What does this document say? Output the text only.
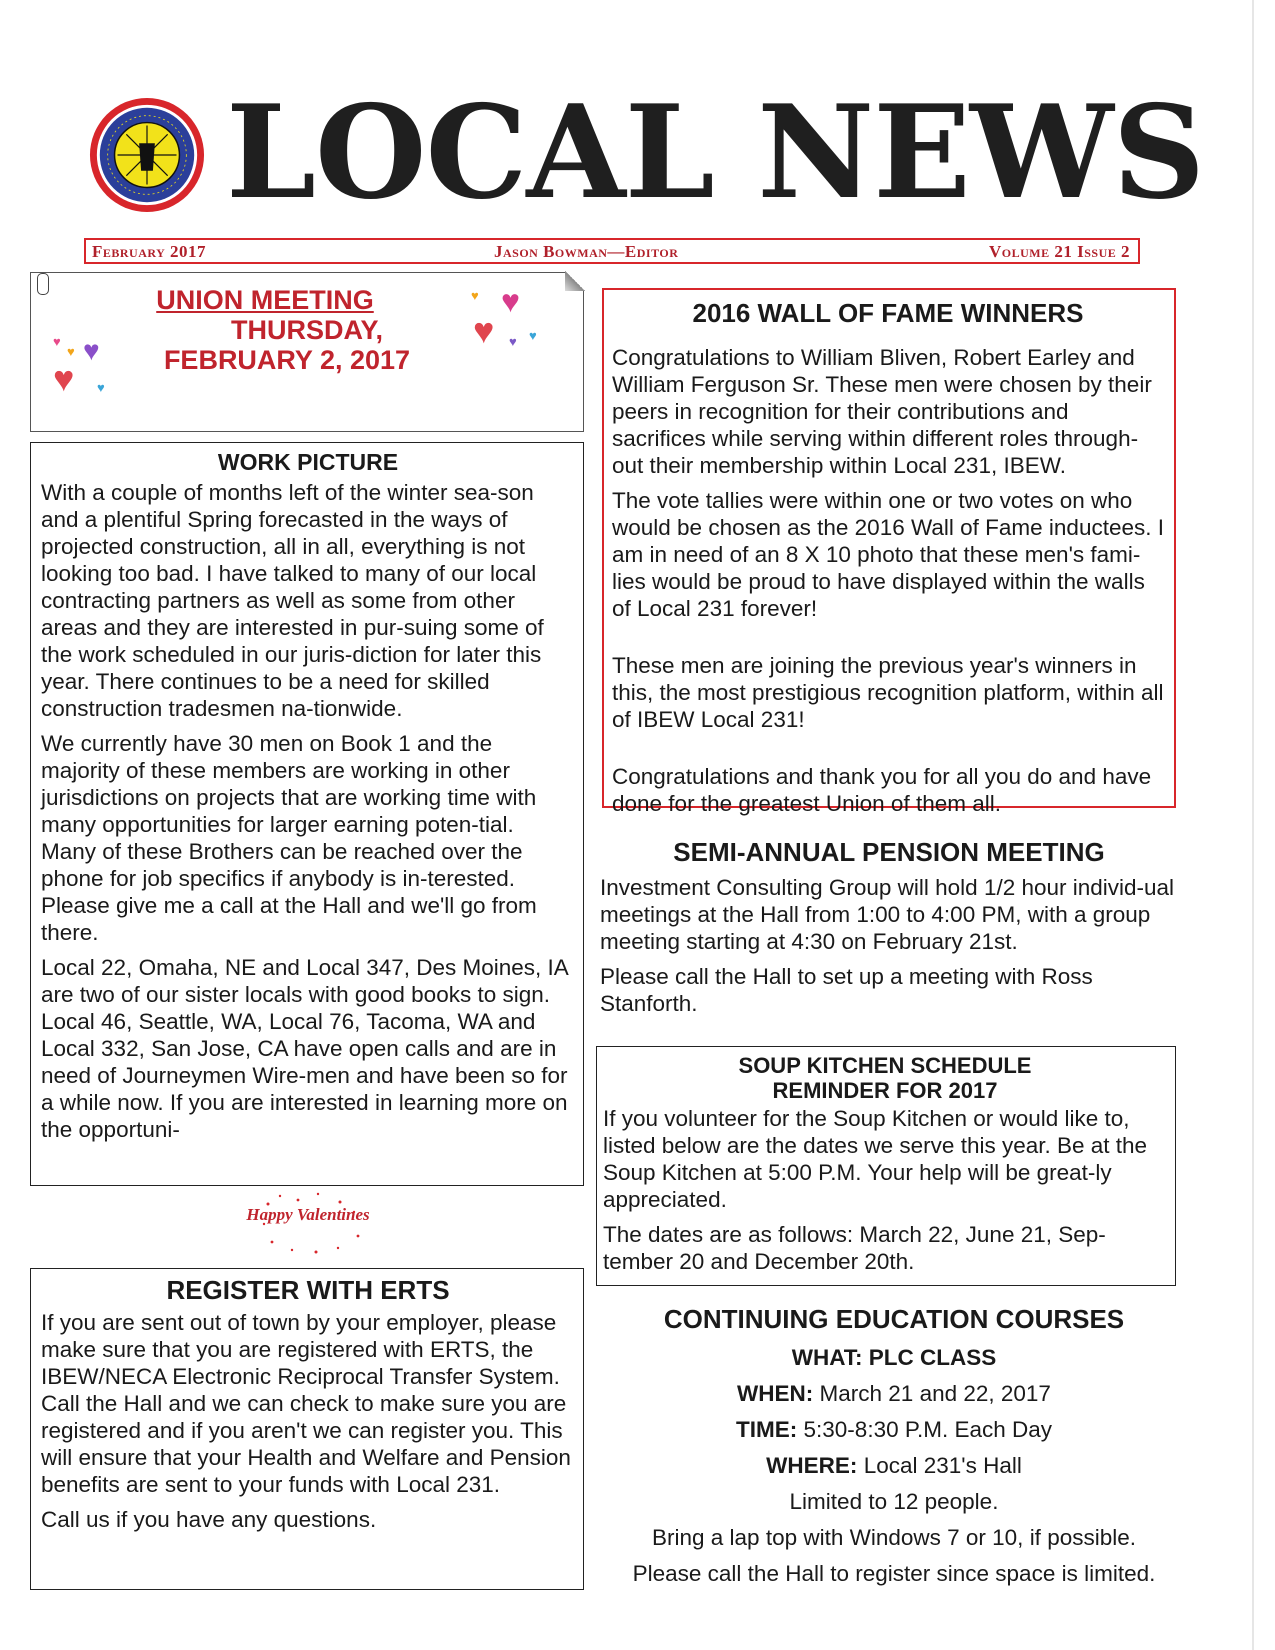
LOCAL NEWS
February 2017	Jason Bowman—Editor	Volume 21 Issue 2
UNION MEETING
THURSDAY,
FEBRUARY 2, 2017
♥
♥
♥
♥
♥
♥
♥
♥
♥ ♥
WORK PICTURE

With a couple of months left of the winter sea-son and a plentiful Spring forecasted in the ways of projected construction, all in all, everything is not looking too bad. I have talked to many of our local contracting partners as well as some from other areas and they are interested in pur-suing some of the work scheduled in our juris-diction for later this year. There continues to be a need for skilled construction tradesmen na-tionwide.

We currently have 30 men on Book 1 and the majority of these members are working in other jurisdictions on projects that are working time with many opportunities for larger earning poten-tial. Many of these Brothers can be reached over the phone for job specifics if anybody is in-terested. Please give me a call at the Hall and we'll go from there.

Local 22, Omaha, NE and Local 347, Des Moines, IA are two of our sister locals with good books to sign. Local 46, Seattle, WA, Local 76, Tacoma, WA and Local 332, San Jose, CA have open calls and are in need of Journeymen Wire-men and have been so for a while now. If you are interested in learning more on the opportuni-

Happy Valentines
REGISTER WITH ERTS

If you are sent out of town by your employer, please make sure that you are registered with ERTS, the IBEW/NECA Electronic Reciprocal Transfer System. Call the Hall and we can check to make sure you are registered and if you aren't we can register you. This will ensure that your Health and Welfare and Pension benefits are sent to your funds with Local 231.

Call us if you have any questions.

2016 WALL OF FAME WINNERS

Congratulations to William Bliven, Robert Earley and William Ferguson Sr. These men were chosen by their peers in recognition for their contributions and sacrifices while serving within different roles through-out their membership within Local 231, IBEW.

The vote tallies were within one or two votes on who would be chosen as the 2016 Wall of Fame inductees. I am in need of an 8 X 10 photo that these men's fami-lies would be proud to have displayed within the walls of Local 231 forever!

These men are joining the previous year's winners in this, the most prestigious recognition platform, within all of IBEW Local 231!

Congratulations and thank you for all you do and have done for the greatest Union of them all.

SEMI-ANNUAL PENSION MEETING

Investment Consulting Group will hold 1/2 hour individ-ual meetings at the Hall from 1:00 to 4:00 PM, with a group meeting starting at 4:30 on February 21st.

Please call the Hall to set up a meeting with Ross Stanforth.

SOUP KITCHEN SCHEDULE
REMINDER FOR 2017

If you volunteer for the Soup Kitchen or would like to, listed below are the dates we serve this year. Be at the Soup Kitchen at 5:00 P.M. Your help will be great-ly appreciated.

The dates are as follows: March 22, June 21, Sep-tember 20 and December 20th.

CONTINUING EDUCATION COURSES
WHAT: PLC CLASS
WHEN: March 21 and 22, 2017
TIME: 5:30-8:30 P.M. Each Day
WHERE: Local 231's Hall
Limited to 12 people.
Bring a lap top with Windows 7 or 10, if possible.
Please call the Hall to register since space is limited.
